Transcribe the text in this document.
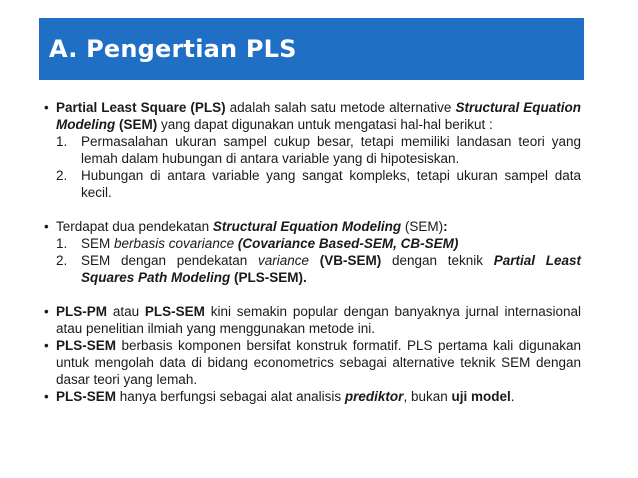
A. Pengertian PLS
• Partial Least Square (PLS) adalah salah satu metode alternative Structural Equation Modeling (SEM) yang dapat digunakan untuk mengatasi hal-hal berikut :
1. Permasalahan ukuran sampel cukup besar, tetapi memiliki landasan teori yang lemah dalam hubungan di antara variable yang di hipotesiskan.
2. Hubungan di antara variable yang sangat kompleks, tetapi ukuran sampel data kecil.
• Terdapat dua pendekatan Structural Equation Modeling (SEM):
1. SEM berbasis covariance (Covariance Based-SEM, CB-SEM)
2. SEM dengan pendekatan variance (VB-SEM) dengan teknik Partial Least Squares Path Modeling (PLS-SEM).
• PLS-PM atau PLS-SEM kini semakin popular dengan banyaknya jurnal internasional atau penelitian ilmiah yang menggunakan metode ini.
• PLS-SEM berbasis komponen bersifat konstruk formatif. PLS pertama kali digunakan untuk mengolah data di bidang econometrics sebagai alternative teknik SEM dengan dasar teori yang lemah.
• PLS-SEM hanya berfungsi sebagai alat analisis prediktor, bukan uji model.
